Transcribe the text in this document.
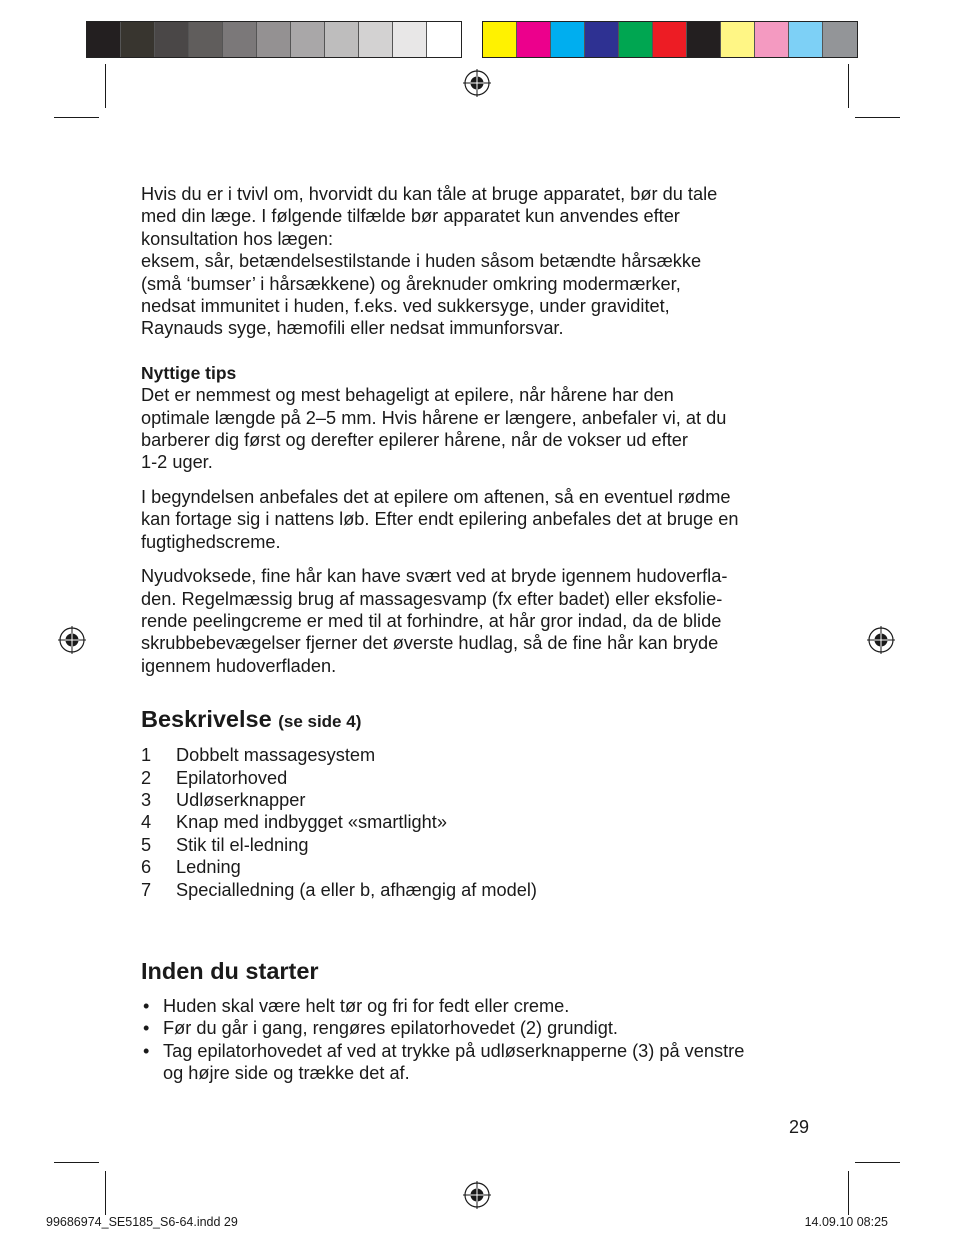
Hvis du er i tvivl om, hvorvidt du kan tåle at bruge apparatet, bør du tale

med din læge. I følgende tilfælde bør apparatet kun anvendes efter

konsultation hos lægen:

eksem, sår, betændelsestilstande i huden såsom betændte hårsække

(små ‘bumser’ i hårsækkene) og åreknuder omkring modermærker,

nedsat immunitet i huden, f.eks. ved sukkersyge, under graviditet,

Raynauds syge, hæmofili eller nedsat immunforsvar.

Nyttige tips

Det er nemmest og mest behageligt at epilere, når hårene har den

optimale længde på 2–5 mm. Hvis hårene er længere, anbefaler vi, at du

barberer dig først og derefter epilerer hårene, når de vokser ud efter

1-2 uger.

I begyndelsen anbefales det at epilere om aftenen, så en eventuel rødme

kan fortage sig i nattens løb. Efter endt epilering anbefales det at bruge en

fugtighedscreme.

Nyudvoksede, fine hår kan have svært ved at bryde igennem hudoverfla-

den. Regelmæssig brug af massagesvamp (fx efter badet) eller eksfolie-

rende peelingcreme er med til at forhindre, at hår gror indad, da de blide

skrubbebevægelser fjerner det øverste hudlag, så de fine hår kan bryde

igennem hudoverfladen.

Beskrivelse (se side 4)
1	Dobbelt massagesystem
2	Epilatorhoved
3	Udløserknapper
4	Knap med indbygget «smartlight»
5	Stik til el-ledning
6	Ledning
7	Specialledning (a eller b, afhængig af model)
Inden du starter
• Huden skal være helt tør og fri for fedt eller creme.
• Før du går i gang, rengøres epilatorhovedet (2) grundigt.
• Tag epilatorhovedet af ved at trykke på udløserknapperne (3) på venstre
og højre side og trække det af.
29
99686974_SE5185_S6-64.indd 29	14.09.10 08:25
